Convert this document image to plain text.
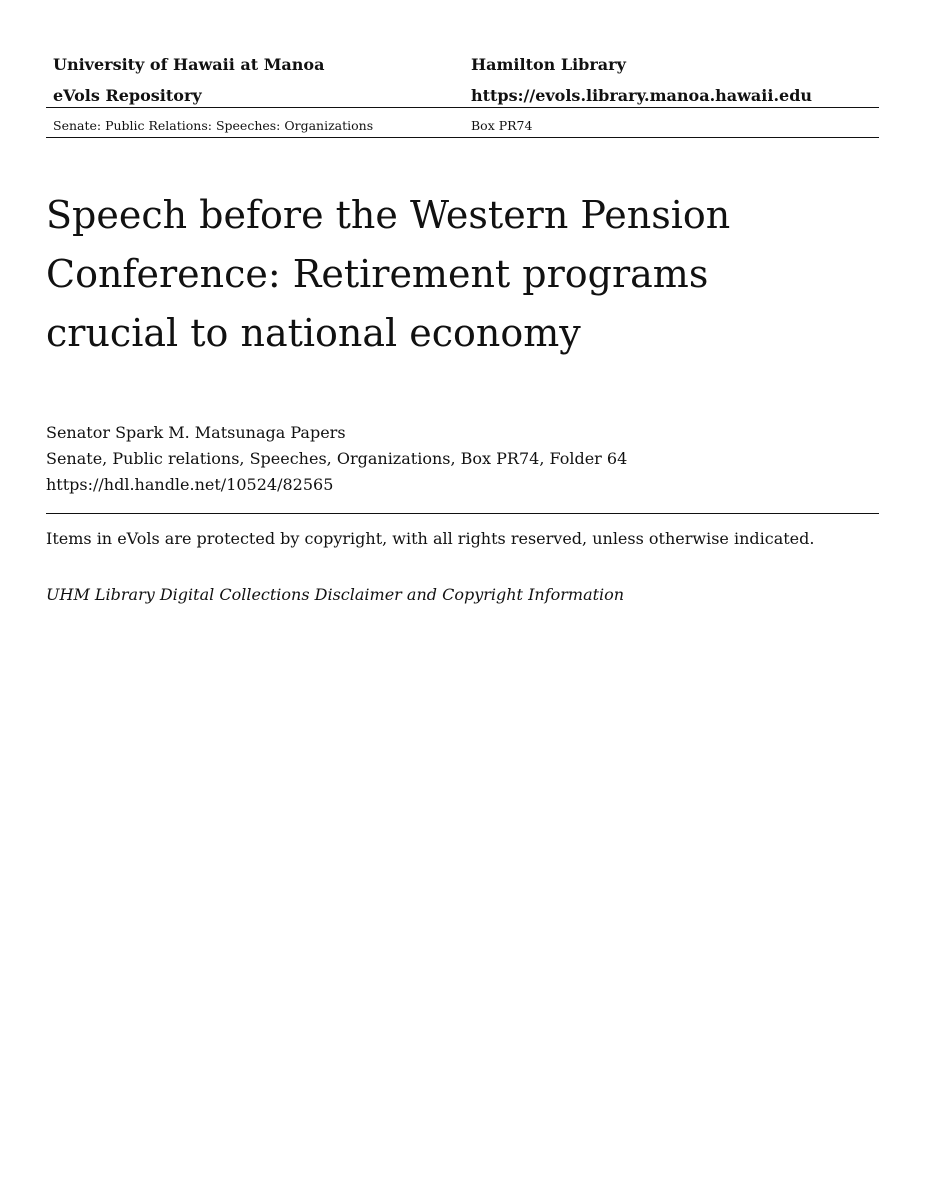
University of Hawaii at Manoa	Hamilton Library
eVols Repository	https://evols.library.manoa.hawaii.edu
Senate: Public Relations: Speeches: Organizations	Box PR74
Speech before the Western Pension Conference: Retirement programs crucial to national economy
Senator Spark M. Matsunaga Papers
Senate, Public relations, Speeches, Organizations, Box PR74, Folder 64
https://hdl.handle.net/10524/82565
Items in eVols are protected by copyright, with all rights reserved, unless otherwise indicated.
UHM Library Digital Collections Disclaimer and Copyright Information
